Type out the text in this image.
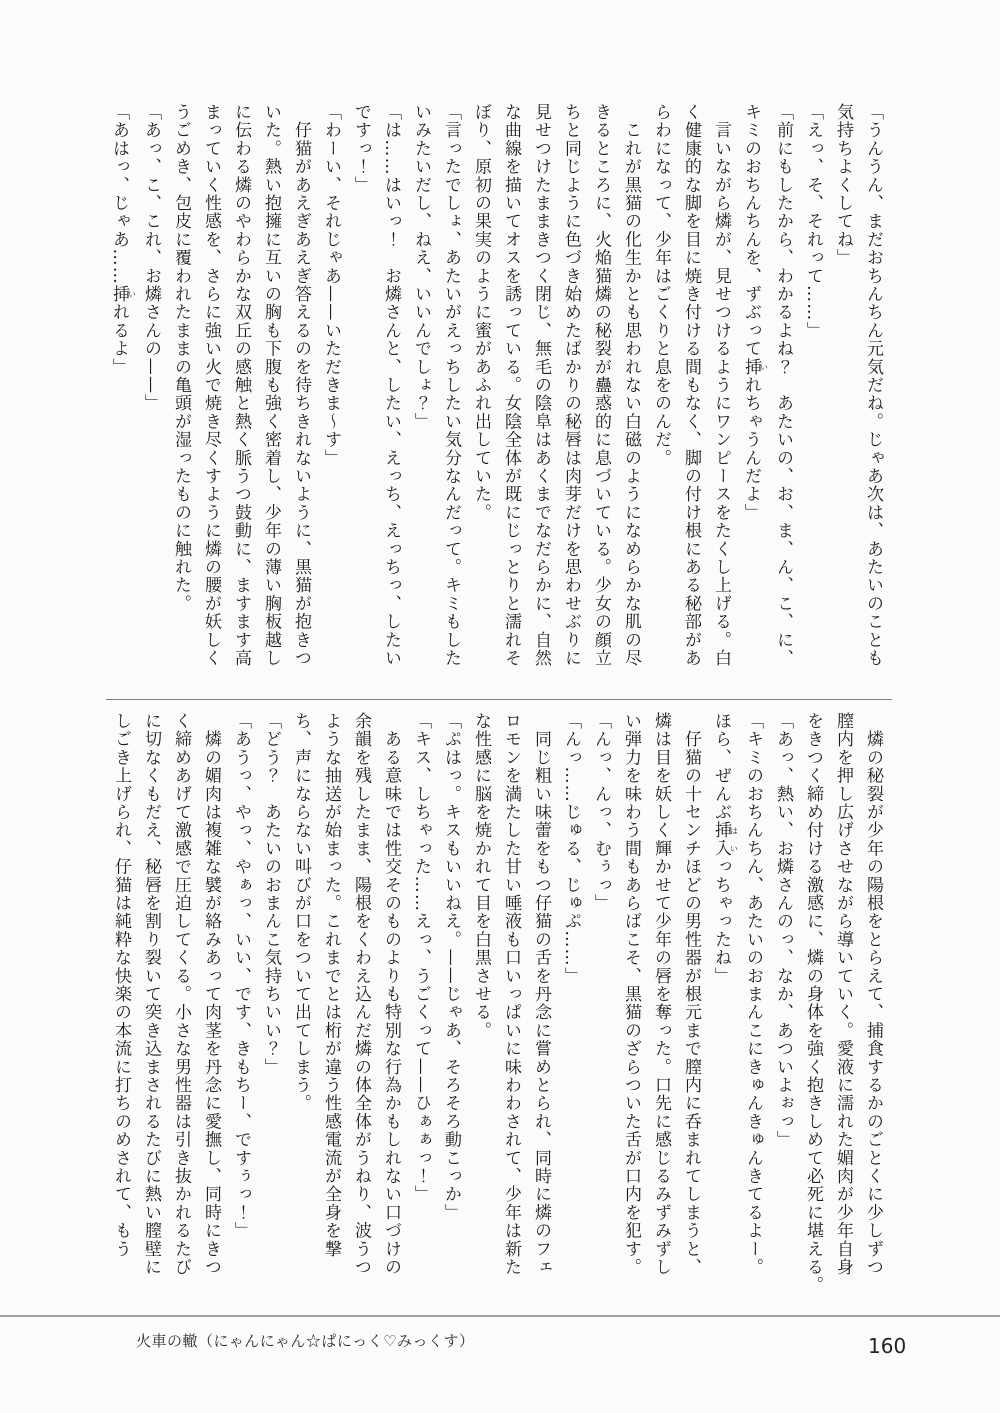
「うんうん、まだおちんちん元気だね。じゃあ次は、あたいのことも

気持ちよくしてね」

「えっ、そ、それって……」

「前にもしたから、わかるよね？　あたいの、お、ま、ん、こ、に、

キミのおちんちんを、ずぶって挿いれちゃうんだよ」

　言いながら燐が、見せつけるようにワンピースをたくし上げる。白

く健康的な脚を目に焼き付ける間もなく、脚の付け根にある秘部があ

らわになって、少年はごくりと息をのんだ。

　これが黒猫の化生かとも思われない白磁のようになめらかな肌の尽

きるところに、火焔猫燐の秘裂が蠱惑的に息づいている。少女の顔立

ちと同じように色づき始めたばかりの秘唇は肉芽だけを思わせぶりに

見せつけたままきつく閉じ、無毛の陰阜はあくまでなだらかに、自然

な曲線を描いてオスを誘っている。女陰全体が既にじっとりと濡れそ

ぼり、原初の果実のように蜜があふれ出していた。

「言ったでしょ、あたいがえっちしたい気分なんだって。キミもした

いみたいだし、ねえ、いいんでしょ？」

「は……はいっ！　お燐さんと、したい、えっち、えっちっ、したい

ですっ！」

「わーい、それじゃあ——いただきま～す」

　仔猫があえぎあえぎ答えるのを待ちきれないように、黒猫が抱きつ

いた。熱い抱擁に互いの胸も下腹も強く密着し、少年の薄い胸板越し

に伝わる燐のやわらかな双丘の感触と熱く脈うつ鼓動に、ますます高

まっていく性感を、さらに強い火で焼き尽くすように燐の腰が妖しく

うごめき、包皮に覆われたままの亀頭が湿ったものに触れた。

「あっ、こ、これ、お燐さんの——」

「あはっ、じゃあ……挿いれるよ」

　燐の秘裂が少年の陽根をとらえて、捕食するかのごとくに少しずつ

膣内を押し広げさせながら導いていく。愛液に濡れた媚肉が少年自身

をきつく締め付ける激感に、燐の身体を強く抱きしめて必死に堪える。

「あっ、熱い、お燐さんのっ、なか、あついよぉっ」

「キミのおちんちん、あたいのおまんこにきゅんきゅんきてるよー。

ほら、ぜんぶ挿入はいっちゃったね」

　仔猫の十センチほどの男性器が根元まで膣内に呑まれてしまうと、

燐は目を妖しく輝かせて少年の唇を奪った。口先に感じるみずみずし

い弾力を味わう間もあらばこそ、黒猫のざらついた舌が口内を犯す。

「んっ、んっ、むぅっ」

「んっ……じゅる、じゅぷ……」

　同じ粗い味蕾をもつ仔猫の舌を丹念に嘗めとられ、同時に燐のフェ

ロモンを満たした甘い唾液も口いっぱいに味わわされて、少年は新た

な性感に脳を焼かれて目を白黒させる。

「ぷはっ。キスもいいねえ。——じゃあ、そろそろ動こっか」

「キス、しちゃった……えっ、うごくって——ひぁぁっ！」

　ある意味では性交そのものよりも特別な行為かもしれない口づけの

余韻を残したまま、陽根をくわえ込んだ燐の体全体がうねり、波うつ

ような抽送が始まった。これまでとは桁が違う性感電流が全身を撃

ち、声にならない叫びが口をついて出てしまう。

「どう？　あたいのおまんこ気持ちいい？」

「あうっ、やっ、やぁっ、いい、です、きもちー、ですぅっ！」

　燐の媚肉は複雑な襞が絡みあって肉茎を丹念に愛撫し、同時にきつ

く締めあげて激感で圧迫してくる。小さな男性器は引き抜かれるたび

に切なくもだえ、秘唇を割り裂いて突き込まされるたびに熱い膣壁に

しごき上げられ、仔猫は純粋な快楽の本流に打ちのめされて、もう

火車の轍（にゃんにゃん☆ぱにっく♡みっくす）	160
